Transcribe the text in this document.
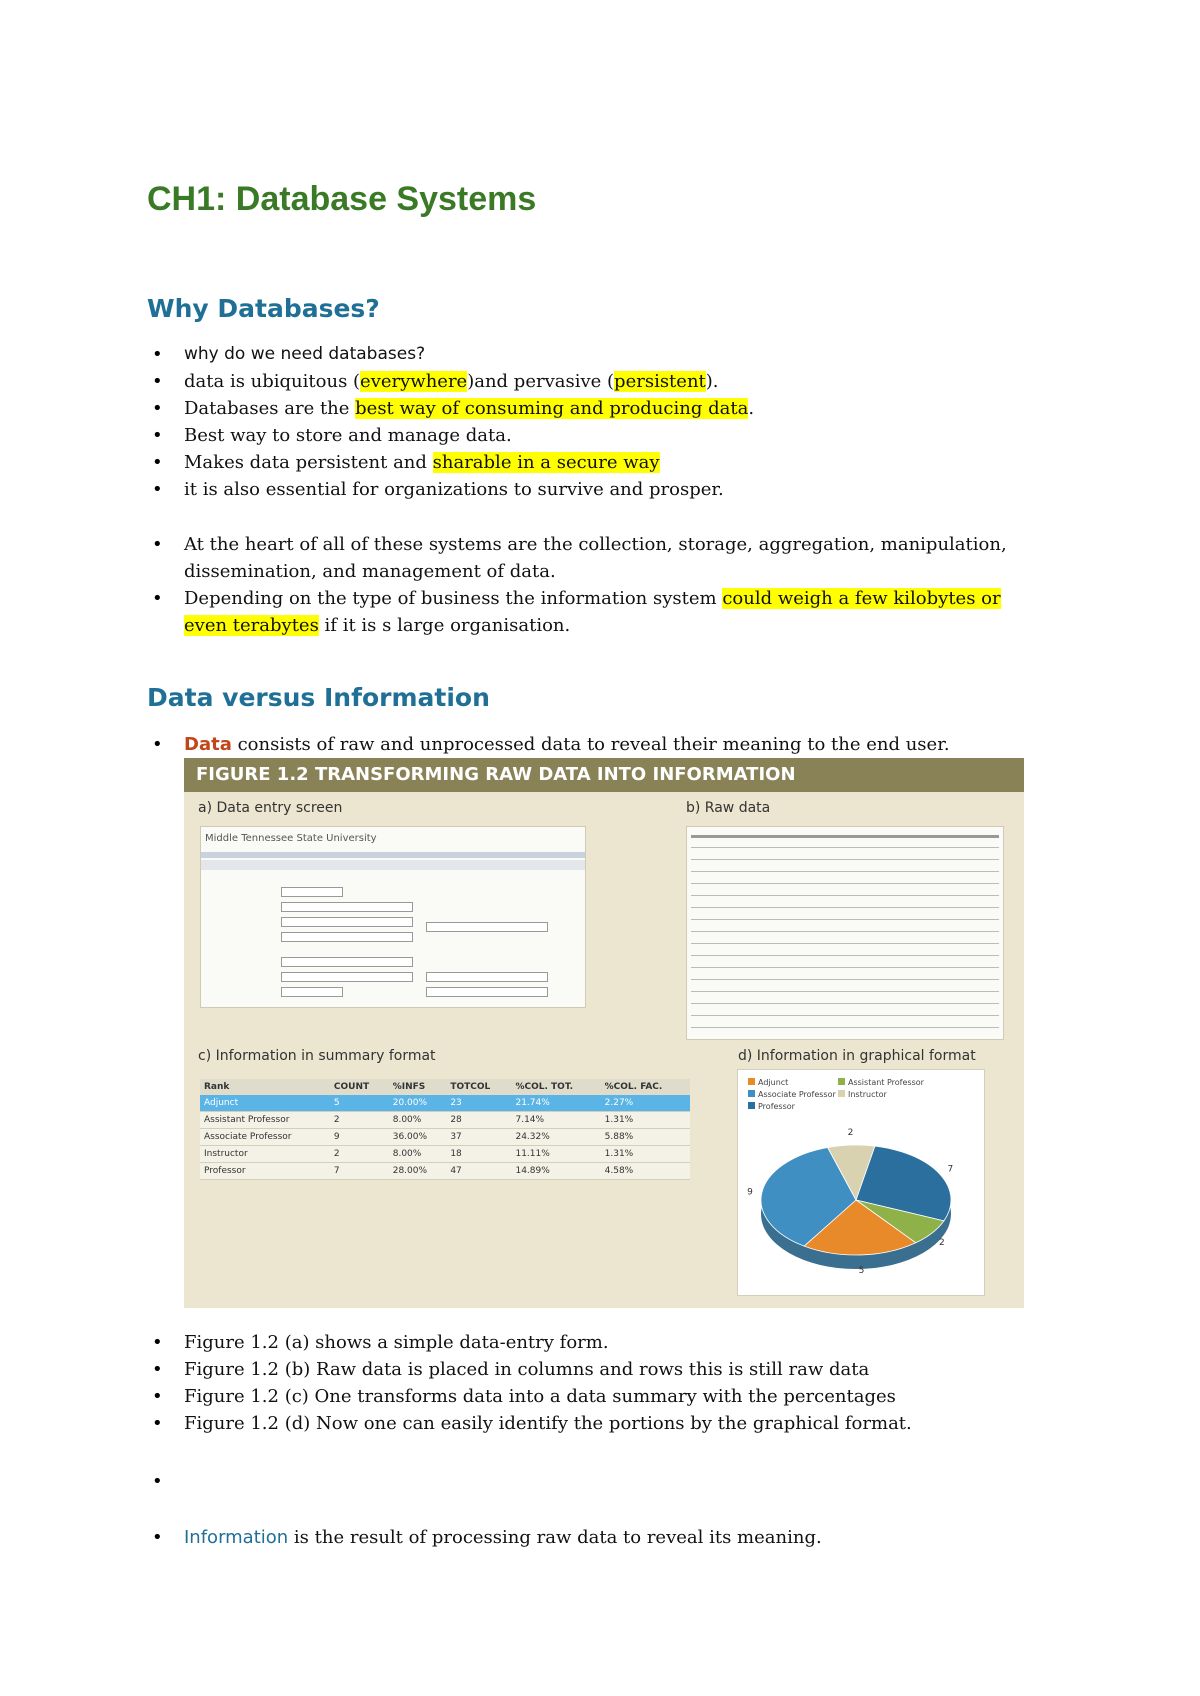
CH1: Database Systems
Why Databases?
• why do we need databases?
• data is ubiquitous (everywhere)and pervasive (persistent).
• Databases are the best way of consuming and producing data.
• Best way to store and manage data.
• Makes data persistent and sharable in a secure way
• it is also essential for organizations to survive and prosper.
• At the heart of all of these systems are the collection, storage, aggregation, manipulation, dissemination, and management of data.
• Depending on the type of business the information system could weigh a few kilobytes or even terabytes if it is s large organisation.
Data versus Information
• Data consists of raw and unprocessed data to reveal their meaning to the end user.
FIGURE 1.2 TRANSFORMING RAW DATA INTO INFORMATION
a) Data entry screen	b) Raw data
Middle Tennessee State University
c) Information in summary format	d) Information in graphical format
Rank	COUNT	%INFS	TOTCOL	%COL. TOT.	%COL. FAC.
Adjunct	5	20.00%	23	21.74%	2.27%
Assistant Professor	2	8.00%	28	7.14%	1.31%
Associate Professor	9	36.00%	37	24.32%	5.88%
Instructor	2	8.00%	18	11.11%	1.31%
Professor	7	28.00%	47	14.89%	4.58%
Adjunct	Assistant Professor
Associate Professor Instructor
Professor
7
2
5
9
2
• Figure 1.2 (a) shows a simple data-entry form.
• Figure 1.2 (b) Raw data is placed in columns and rows this is still raw data
• Figure 1.2 (c) One transforms data into a data summary with the percentages
• Figure 1.2 (d) Now one can easily identify the portions by the graphical format.
•
• Information is the result of processing raw data to reveal its meaning.
